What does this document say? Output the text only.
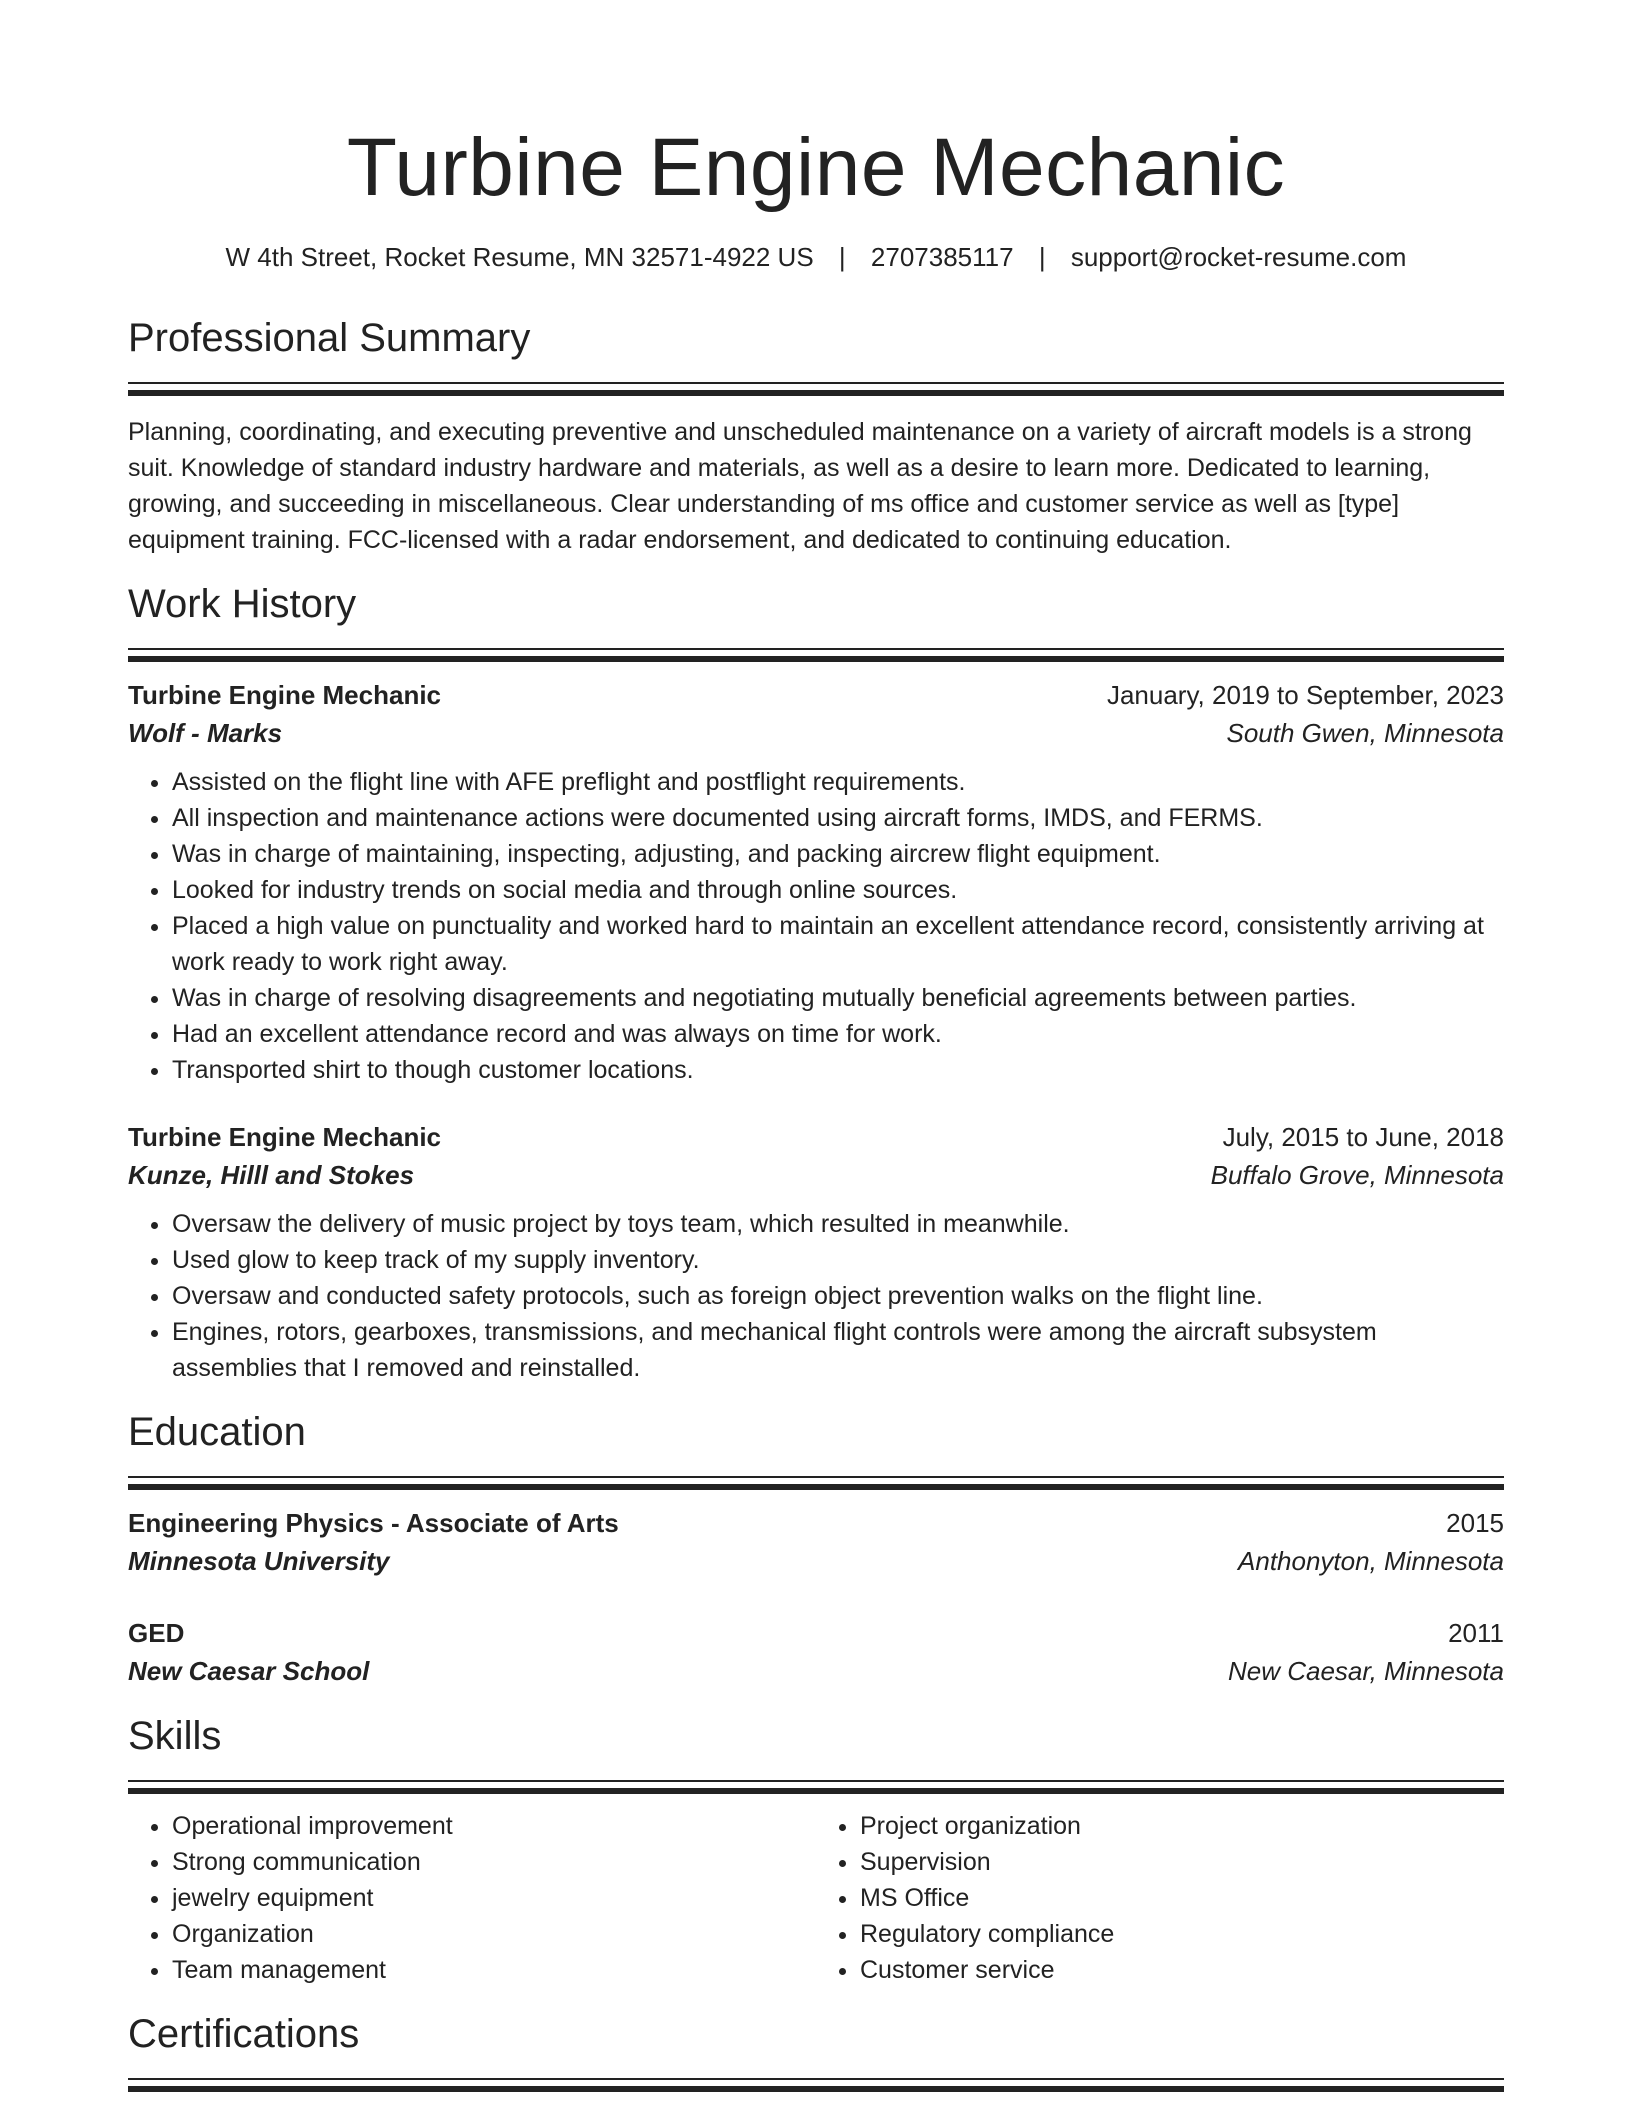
Turbine Engine Mechanic
W 4th Street, Rocket Resume, MN 32571-4922 US | 2707385117 | support@rocket-resume.com
Professional Summary
Planning, coordinating, and executing preventive and unscheduled maintenance on a variety of aircraft models is a strong suit. Knowledge of standard industry hardware and materials, as well as a desire to learn more. Dedicated to learning, growing, and succeeding in miscellaneous. Clear understanding of ms office and customer service as well as [type] equipment training. FCC-licensed with a radar endorsement, and dedicated to continuing education.
Work History
Turbine Engine Mechanic	January, 2019 to September, 2023
Wolf - Marks	South Gwen, Minnesota
• Assisted on the flight line with AFE preflight and postflight requirements.
• All inspection and maintenance actions were documented using aircraft forms, IMDS, and FERMS.
• Was in charge of maintaining, inspecting, adjusting, and packing aircrew flight equipment.
• Looked for industry trends on social media and through online sources.
• Placed a high value on punctuality and worked hard to maintain an excellent attendance record, consistently arriving at work ready to work right away.
• Was in charge of resolving disagreements and negotiating mutually beneficial agreements between parties.
• Had an excellent attendance record and was always on time for work.
• Transported shirt to though customer locations.
Turbine Engine Mechanic	July, 2015 to June, 2018
Kunze, Hilll and Stokes	Buffalo Grove, Minnesota
• Oversaw the delivery of music project by toys team, which resulted in meanwhile.
• Used glow to keep track of my supply inventory.
• Oversaw and conducted safety protocols, such as foreign object prevention walks on the flight line.
• Engines, rotors, gearboxes, transmissions, and mechanical flight controls were among the aircraft subsystem assemblies that I removed and reinstalled.
Education
Engineering Physics - Associate of Arts	2015
Minnesota University	Anthonyton, Minnesota
GED	2011
New Caesar School	New Caesar, Minnesota
Skills
• Operational improvement
• Strong communication
• jewelry equipment
• Organization
• Team management
• Project organization
• Supervision
• MS Office
• Regulatory compliance
• Customer service
Certifications
